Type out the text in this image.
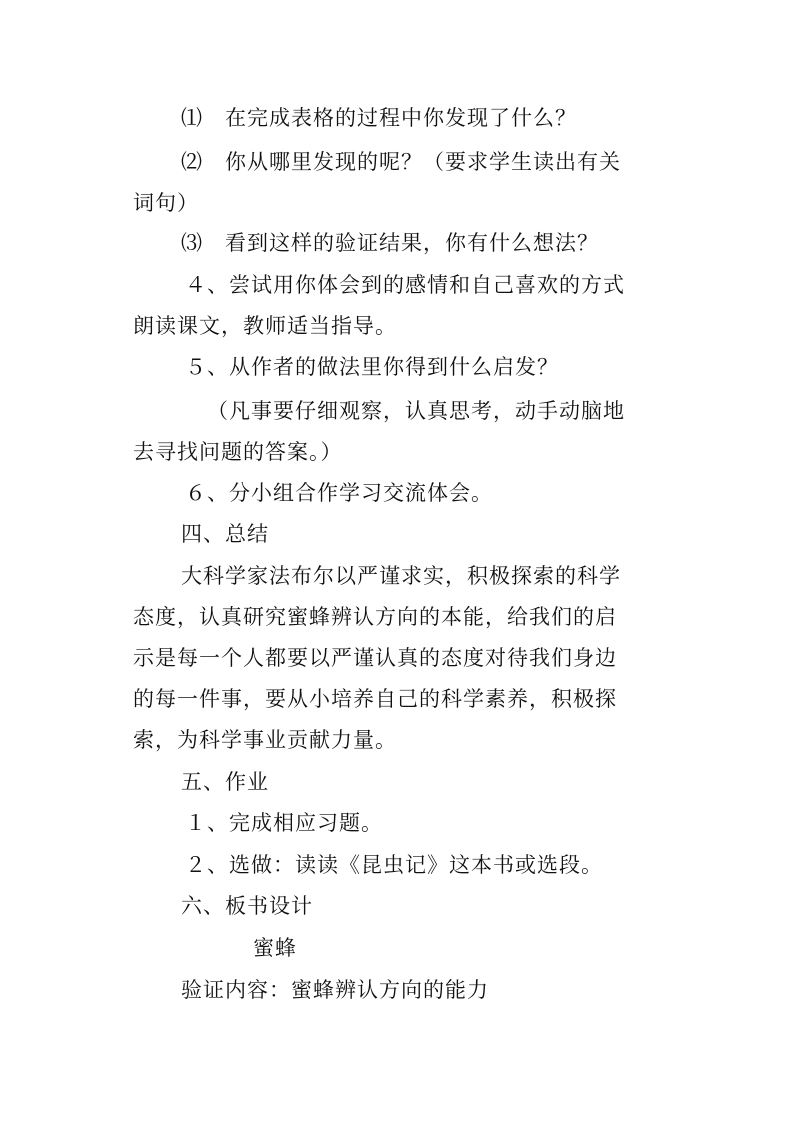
⑴　在完成表格的过程中你发现了什么？
⑵　你从哪里发现的呢？（要求学生读出有关
词句）
⑶　看到这样的验证结果，你有什么想法？
４、尝试用你体会到的感情和自己喜欢的方式
朗读课文，教师适当指导。
５、从作者的做法里你得到什么启发？
（凡事要仔细观察，认真思考，动手动脑地
去寻找问题的答案。）
６、分小组合作学习交流体会。
四、总结
大科学家法布尔以严谨求实，积极探索的科学
态度，认真研究蜜蜂辨认方向的本能，给我们的启
示是每一个人都要以严谨认真的态度对待我们身边
的每一件事，要从小培养自己的科学素养，积极探
索，为科学事业贡献力量。
五、作业
１、完成相应习题。
２、选做：读读《昆虫记》这本书或选段。
六、板书设计
蜜蜂
验证内容：蜜蜂辨认方向的能力
